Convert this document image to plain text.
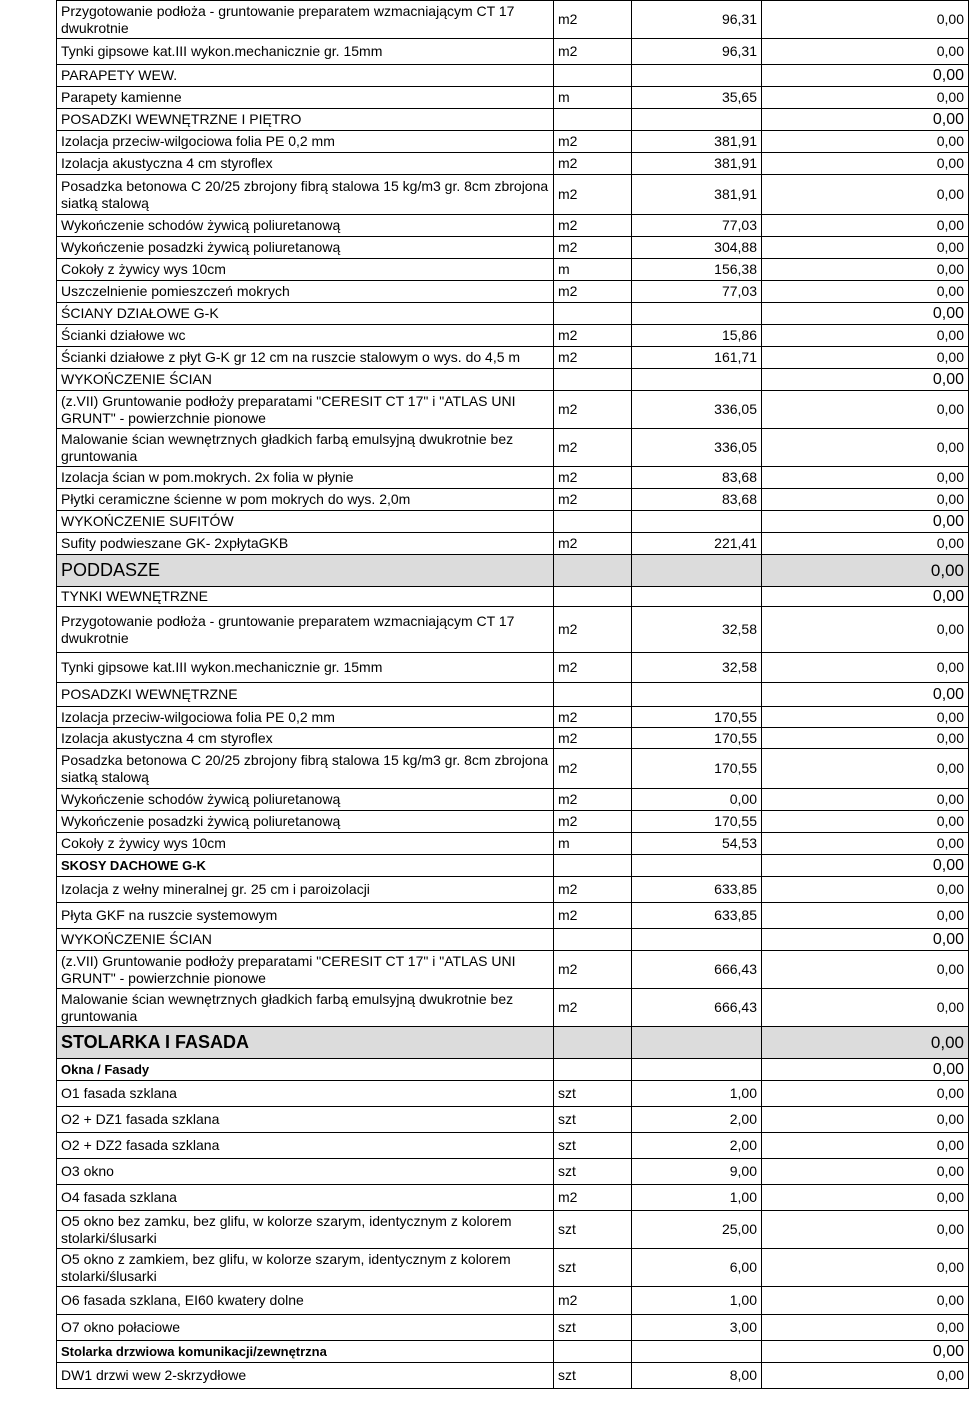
Przygotowanie podłoża - gruntowanie preparatem wzmacniającym CT 17 dwukrotnie	m2	96,31	0,00
Tynki gipsowe kat.III wykon.mechanicznie gr. 15mm	m2	96,31	0,00
PARAPETY WEW.			0,00
Parapety kamienne	m	35,65	0,00
POSADZKI WEWNĘTRZNE I PIĘTRO			0,00
Izolacja przeciw-wilgociowa folia PE 0,2 mm	m2	381,91	0,00
Izolacja akustyczna 4 cm styroflex	m2	381,91	0,00
Posadzka betonowa C 20/25 zbrojony fibrą stalowa 15 kg/m3 gr. 8cm zbrojona siatką stalową	m2	381,91	0,00
Wykończenie schodów żywicą poliuretanową	m2	77,03	0,00
Wykończenie posadzki żywicą poliuretanową	m2	304,88	0,00
Cokoły z żywicy wys 10cm	m	156,38	0,00
Uszczelnienie pomieszczeń mokrych	m2	77,03	0,00
ŚCIANY DZIAŁOWE G-K			0,00
Ścianki działowe wc	m2	15,86	0,00
Ścianki działowe z płyt G-K gr 12 cm na ruszcie stalowym o wys. do 4,5 m	m2	161,71	0,00
WYKOŃCZENIE ŚCIAN			0,00
(z.VII) Gruntowanie podłoży preparatami "CERESIT CT 17" i "ATLAS UNI GRUNT" - powierzchnie pionowe	m2	336,05	0,00
Malowanie ścian wewnętrznych gładkich farbą emulsyjną dwukrotnie bez gruntowania	m2	336,05	0,00
Izolacja ścian w pom.mokrych. 2x folia w płynie	m2	83,68	0,00
Płytki ceramiczne ścienne w pom mokrych do wys. 2,0m	m2	83,68	0,00
WYKOŃCZENIE SUFITÓW			0,00
Sufity podwieszane GK- 2xpłytaGKB	m2	221,41	0,00
PODDASZE			0,00
TYNKI WEWNĘTRZNE			0,00
Przygotowanie podłoża - gruntowanie preparatem wzmacniającym CT 17 dwukrotnie	m2	32,58	0,00
Tynki gipsowe kat.III wykon.mechanicznie gr. 15mm	m2	32,58	0,00
POSADZKI WEWNĘTRZNE			0,00
Izolacja przeciw-wilgociowa folia PE 0,2 mm	m2	170,55	0,00
Izolacja akustyczna 4 cm styroflex	m2	170,55	0,00
Posadzka betonowa C 20/25 zbrojony fibrą stalowa 15 kg/m3 gr. 8cm zbrojona siatką stalową	m2	170,55	0,00
Wykończenie schodów żywicą poliuretanową	m2	0,00	0,00
Wykończenie posadzki żywicą poliuretanową	m2	170,55	0,00
Cokoły z żywicy wys 10cm	m	54,53	0,00
SKOSY DACHOWE G-K			0,00
Izolacja z wełny mineralnej gr. 25 cm i paroizolacji	m2	633,85	0,00
Płyta GKF na ruszcie systemowym	m2	633,85	0,00
WYKOŃCZENIE ŚCIAN			0,00
(z.VII) Gruntowanie podłoży preparatami "CERESIT CT 17" i "ATLAS UNI GRUNT" - powierzchnie pionowe	m2	666,43	0,00
Malowanie ścian wewnętrznych gładkich farbą emulsyjną dwukrotnie bez gruntowania	m2	666,43	0,00
STOLARKA I FASADA			0,00
Okna / Fasady			0,00
O1 fasada szklana	szt	1,00	0,00
O2 + DZ1 fasada szklana	szt	2,00	0,00
O2 + DZ2 fasada szklana	szt	2,00	0,00
O3 okno	szt	9,00	0,00
O4 fasada szklana	m2	1,00	0,00
O5 okno bez zamku, bez glifu, w kolorze szarym, identycznym z kolorem stolarki/ślusarki	szt	25,00	0,00
O5 okno z zamkiem, bez glifu, w kolorze szarym, identycznym z kolorem stolarki/ślusarki	szt	6,00	0,00
O6 fasada szklana, EI60 kwatery dolne	m2	1,00	0,00
O7 okno połaciowe	szt	3,00	0,00
Stolarka drzwiowa komunikacji/zewnętrzna			0,00
DW1 drzwi wew 2-skrzydłowe	szt	8,00	0,00
